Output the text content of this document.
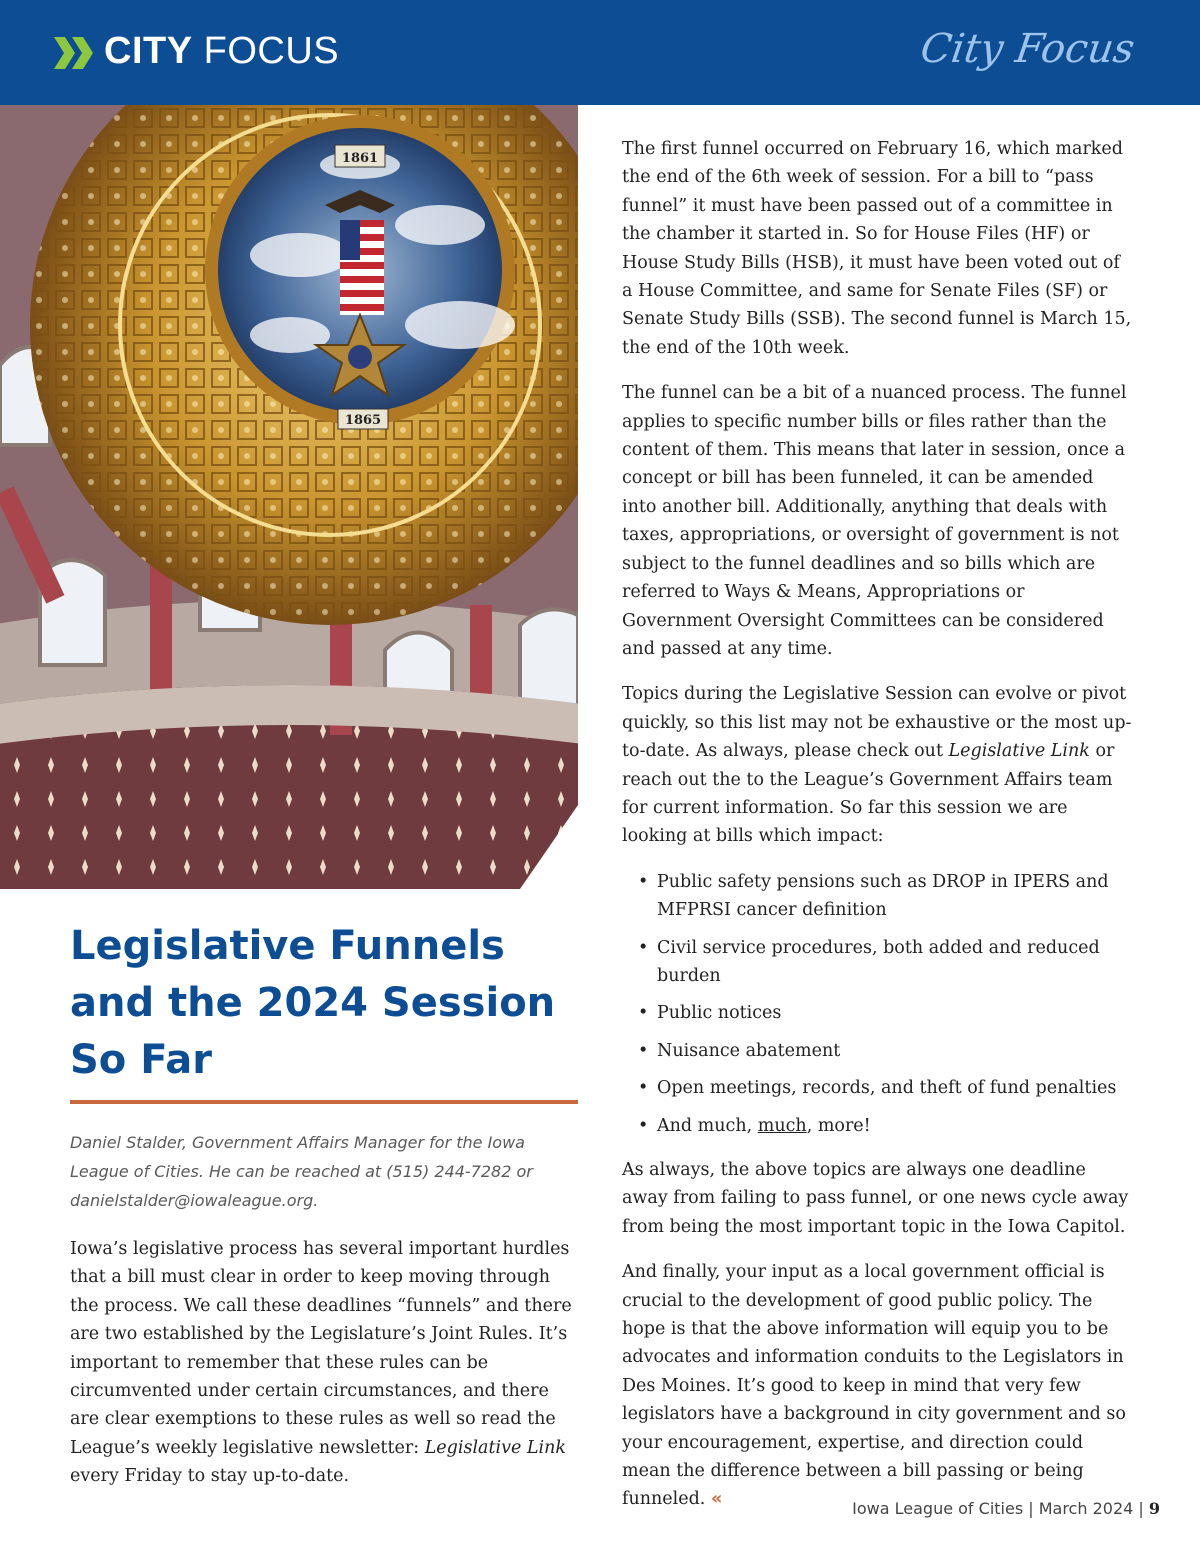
CITY FOCUS	City Focus
1861
1865
Legislative Funnels and the 2024 Session So Far

Daniel Stalder, Government Affairs Manager for the Iowa League of Cities. He can be reached at (515) 244-7282 or danielstalder@iowaleague.org.

Iowa’s legislative process has several important hurdles that a bill must clear in order to keep moving through the process. We call these deadlines “funnels” and there are two established by the Legislature’s Joint Rules. It’s important to remember that these rules can be circumvented under certain circumstances, and there are clear exemptions to these rules as well so read the League’s weekly legislative newsletter: Legislative Link every Friday to stay up-to-date.

The first funnel occurred on February 16, which marked the end of the 6th week of session. For a bill to “pass funnel” it must have been passed out of a committee in the chamber it started in. So for House Files (HF) or House Study Bills (HSB), it must have been voted out of a House Committee, and same for Senate Files (SF) or Senate Study Bills (SSB). The second funnel is March 15, the end of the 10th week.

The funnel can be a bit of a nuanced process. The funnel applies to specific number bills or files rather than the content of them. This means that later in session, once a concept or bill has been funneled, it can be amended into another bill. Additionally, anything that deals with taxes, appropriations, or oversight of government is not subject to the funnel deadlines and so bills which are referred to Ways & Means, Appropriations or Government Oversight Committees can be considered and passed at any time.

Topics during the Legislative Session can evolve or pivot quickly, so this list may not be exhaustive or the most up-to-date. As always, please check out Legislative Link or reach out the to the League’s Government Affairs team for current information. So far this session we are looking at bills which impact:

• Public safety pensions such as DROP in IPERS and MFPRSI cancer definition
• Civil service procedures, both added and reduced burden
• Public notices
• Nuisance abatement
• Open meetings, records, and theft of fund penalties
• And much, much, more!

As always, the above topics are always one deadline away from failing to pass funnel, or one news cycle away from being the most important topic in the Iowa Capitol.

And finally, your input as a local government official is crucial to the development of good public policy. The hope is that the above information will equip you to be advocates and information conduits to the Legislators in Des Moines. It’s good to keep in mind that very few legislators have a background in city government and so your encouragement, expertise, and direction could mean the difference between a bill passing or being funneled. «	Iowa League of Cities | March 2024 | 9
